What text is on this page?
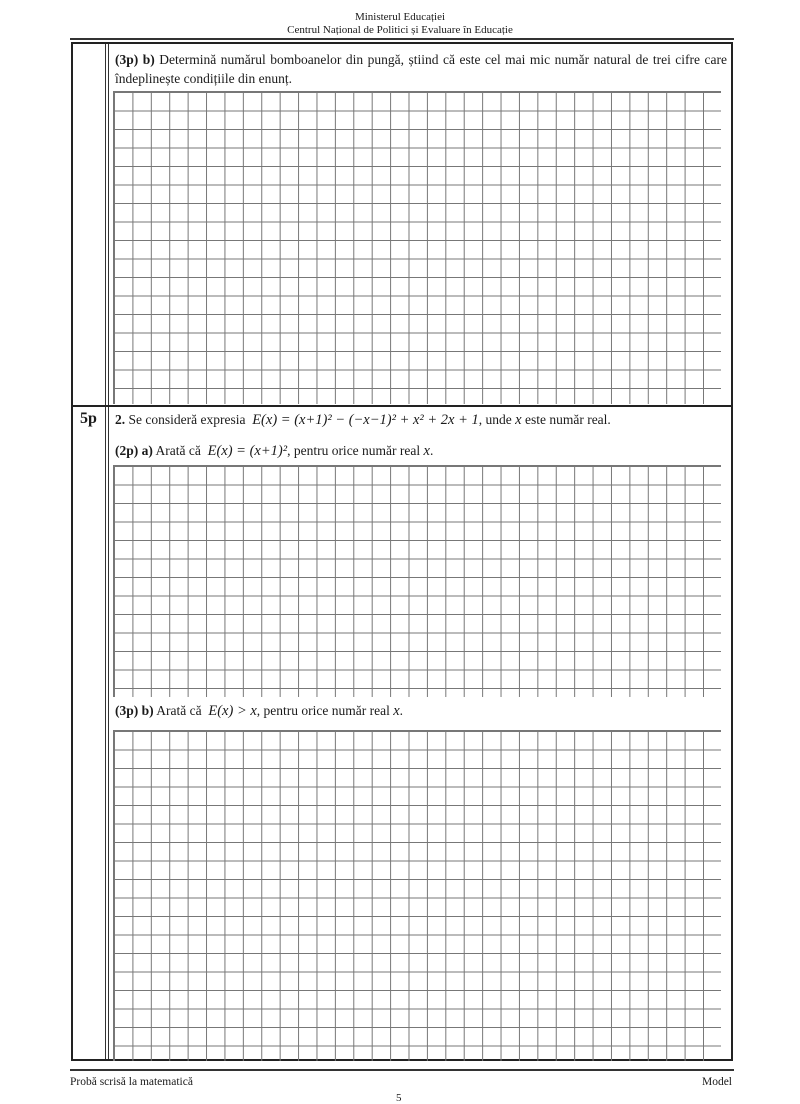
Ministerul Educației
Centrul Național de Politici și Evaluare în Educație
(3p) b) Determină numărul bomboanelor din pungă, știind că este cel mai mic număr natural de trei cifre care îndeplinește condițiile din enunț.
5p 2. Se consideră expresia E(x) = (x+1)² − (−x−1)² + x² + 2x + 1, unde x este număr real.
(2p) a) Arată că E(x) = (x+1)², pentru orice număr real x.
(3p) b) Arată că E(x) > x, pentru orice număr real x.
Probă scrisă la matematică	Model
5
